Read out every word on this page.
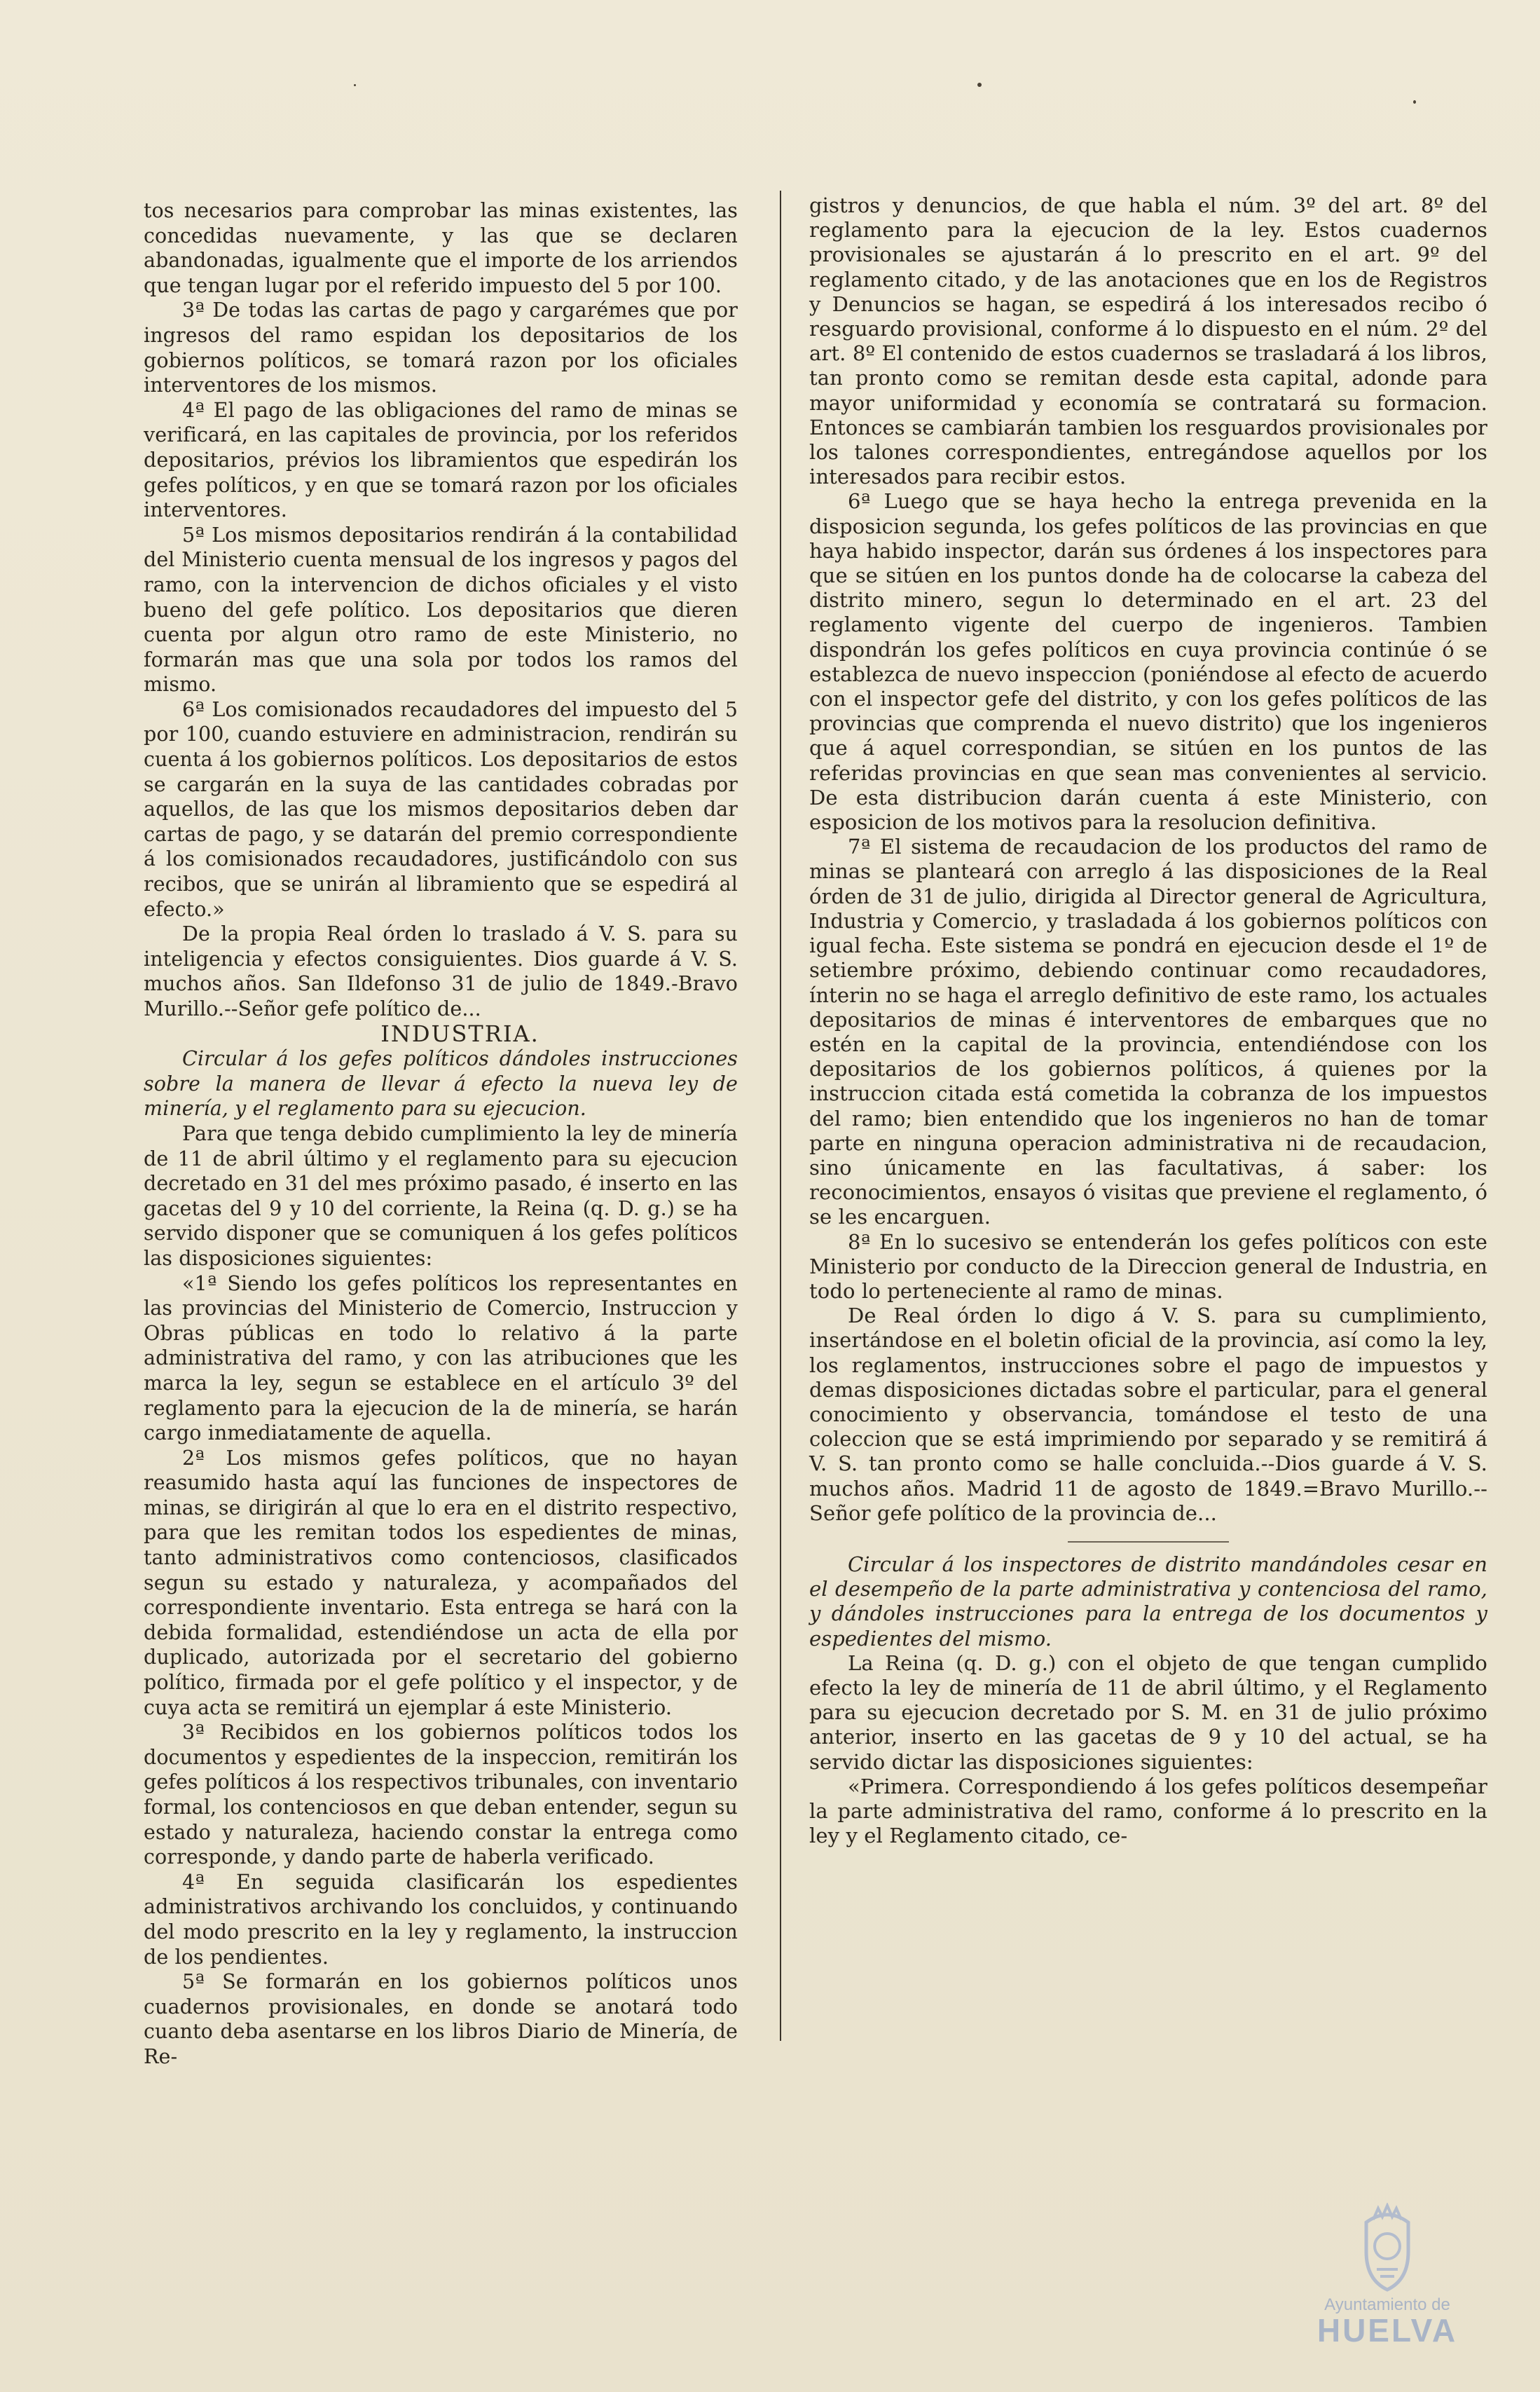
tos necesarios para comprobar las minas existentes, las concedidas nuevamente, y las que se declaren abandonadas, igualmente que el importe de los arriendos que tengan lugar por el referido impuesto del 5 por 100.

3ª De todas las cartas de pago y cargarémes que por ingresos del ramo espidan los depositarios de los gobiernos políticos, se tomará razon por los oficiales interventores de los mismos.

4ª El pago de las obligaciones del ramo de minas se verificará, en las capitales de provincia, por los referidos depositarios, prévios los libramientos que espedirán los gefes políticos, y en que se tomará razon por los oficiales interventores.

5ª Los mismos depositarios rendirán á la contabilidad del Ministerio cuenta mensual de los ingresos y pagos del ramo, con la intervencion de dichos oficiales y el visto bueno del gefe político. Los depositarios que dieren cuenta por algun otro ramo de este Ministerio, no formarán mas que una sola por todos los ramos del mismo.

6ª Los comisionados recaudadores del impuesto del 5 por 100, cuando estuviere en administracion, rendirán su cuenta á los gobiernos políticos. Los depositarios de estos se cargarán en la suya de las cantidades cobradas por aquellos, de las que los mismos depositarios deben dar cartas de pago, y se datarán del premio correspondiente á los comisionados recaudadores, justificándolo con sus recibos, que se unirán al libramiento que se espedirá al efecto.»

De la propia Real órden lo traslado á V. S. para su inteligencia y efectos consiguientes. Dios guarde á V. S. muchos años. San Ildefonso 31 de julio de 1849.-Bravo Murillo.--Señor gefe político de...

INDUSTRIA.

Circular á los gefes políticos dándoles instrucciones sobre la manera de llevar á efecto la nueva ley de minería, y el reglamento para su ejecucion.

Para que tenga debido cumplimiento la ley de minería de 11 de abril último y el reglamento para su ejecucion decretado en 31 del mes próximo pasado, é inserto en las gacetas del 9 y 10 del corriente, la Reina (q. D. g.) se ha servido disponer que se comuniquen á los gefes políticos las disposiciones siguientes:

«1ª Siendo los gefes políticos los representantes en las provincias del Ministerio de Comercio, Instruccion y Obras públicas en todo lo relativo á la parte administrativa del ramo, y con las atribuciones que les marca la ley, segun se establece en el artículo 3º del reglamento para la ejecucion de la de minería, se harán cargo inmediatamente de aquella.

2ª Los mismos gefes políticos, que no hayan reasumido hasta aquí las funciones de inspectores de minas, se dirigirán al que lo era en el distrito respectivo, para que les remitan todos los espedientes de minas, tanto administrativos como contenciosos, clasificados segun su estado y naturaleza, y acompañados del correspondiente inventario. Esta entrega se hará con la debida formalidad, estendiéndose un acta de ella por duplicado, autorizada por el secretario del gobierno político, firmada por el gefe político y el inspector, y de cuya acta se remitirá un ejemplar á este Ministerio.

3ª Recibidos en los gobiernos políticos todos los documentos y espedientes de la inspeccion, remitirán los gefes políticos á los respectivos tribunales, con inventario formal, los contenciosos en que deban entender, segun su estado y naturaleza, haciendo constar la entrega como corresponde, y dando parte de haberla verificado.

4ª En seguida clasificarán los espedientes administrativos archivando los concluidos, y continuando del modo prescrito en la ley y reglamento, la instruccion de los pendientes.

5ª Se formarán en los gobiernos políticos unos cuadernos provisionales, en donde se anotará todo cuanto deba asentarse en los libros Diario de Minería, de Re-

gistros y denuncios, de que habla el núm. 3º del art. 8º del reglamento para la ejecucion de la ley. Estos cuadernos provisionales se ajustarán á lo prescrito en el art. 9º del reglamento citado, y de las anotaciones que en los de Registros y Denuncios se hagan, se espedirá á los interesados recibo ó resguardo provisional, conforme á lo dispuesto en el núm. 2º del art. 8º El contenido de estos cuadernos se trasladará á los libros, tan pronto como se remitan desde esta capital, adonde para mayor uniformidad y economía se contratará su formacion. Entonces se cambiarán tambien los resguardos provisionales por los talones correspondientes, entregándose aquellos por los interesados para recibir estos.

6ª Luego que se haya hecho la entrega prevenida en la disposicion segunda, los gefes políticos de las provincias en que haya habido inspector, darán sus órdenes á los inspectores para que se sitúen en los puntos donde ha de colocarse la cabeza del distrito minero, segun lo determinado en el art. 23 del reglamento vigente del cuerpo de ingenieros. Tambien dispondrán los gefes políticos en cuya provincia continúe ó se establezca de nuevo inspeccion (poniéndose al efecto de acuerdo con el inspector gefe del distrito, y con los gefes políticos de las provincias que comprenda el nuevo distrito) que los ingenieros que á aquel correspondian, se sitúen en los puntos de las referidas provincias en que sean mas convenientes al servicio. De esta distribucion darán cuenta á este Ministerio, con esposicion de los motivos para la resolucion definitiva.

7ª El sistema de recaudacion de los productos del ramo de minas se planteará con arreglo á las disposiciones de la Real órden de 31 de julio, dirigida al Director general de Agricultura, Industria y Comercio, y trasladada á los gobiernos políticos con igual fecha. Este sistema se pondrá en ejecucion desde el 1º de setiembre próximo, debiendo continuar como recaudadores, ínterin no se haga el arreglo definitivo de este ramo, los actuales depositarios de minas é interventores de embarques que no estén en la capital de la provincia, entendiéndose con los depositarios de los gobiernos políticos, á quienes por la instruccion citada está cometida la cobranza de los impuestos del ramo; bien entendido que los ingenieros no han de tomar parte en ninguna operacion administrativa ni de recaudacion, sino únicamente en las facultativas, á saber: los reconocimientos, ensayos ó visitas que previene el reglamento, ó se les encarguen.

8ª En lo sucesivo se entenderán los gefes políticos con este Ministerio por conducto de la Direccion general de Industria, en todo lo perteneciente al ramo de minas.

De Real órden lo digo á V. S. para su cumplimiento, insertándose en el boletin oficial de la provincia, así como la ley, los reglamentos, instrucciones sobre el pago de impuestos y demas disposiciones dictadas sobre el particular, para el general conocimiento y observancia, tomándose el testo de una coleccion que se está imprimiendo por separado y se remitirá á V. S. tan pronto como se halle concluida.--Dios guarde á V. S. muchos años. Madrid 11 de agosto de 1849.=Bravo Murillo.--Señor gefe político de la provincia de...

Circular á los inspectores de distrito mandándoles cesar en el desempeño de la parte administrativa y contenciosa del ramo, y dándoles instrucciones para la entrega de los documentos y espedientes del mismo.

La Reina (q. D. g.) con el objeto de que tengan cumplido efecto la ley de minería de 11 de abril último, y el Reglamento para su ejecucion decretado por S. M. en 31 de julio próximo anterior, inserto en las gacetas de 9 y 10 del actual, se ha servido dictar las disposiciones siguientes:

«Primera. Correspondiendo á los gefes políticos desempeñar la parte administrativa del ramo, conforme á lo prescrito en la ley y el Reglamento citado, ce-

Ayuntamiento de
HUELVA
